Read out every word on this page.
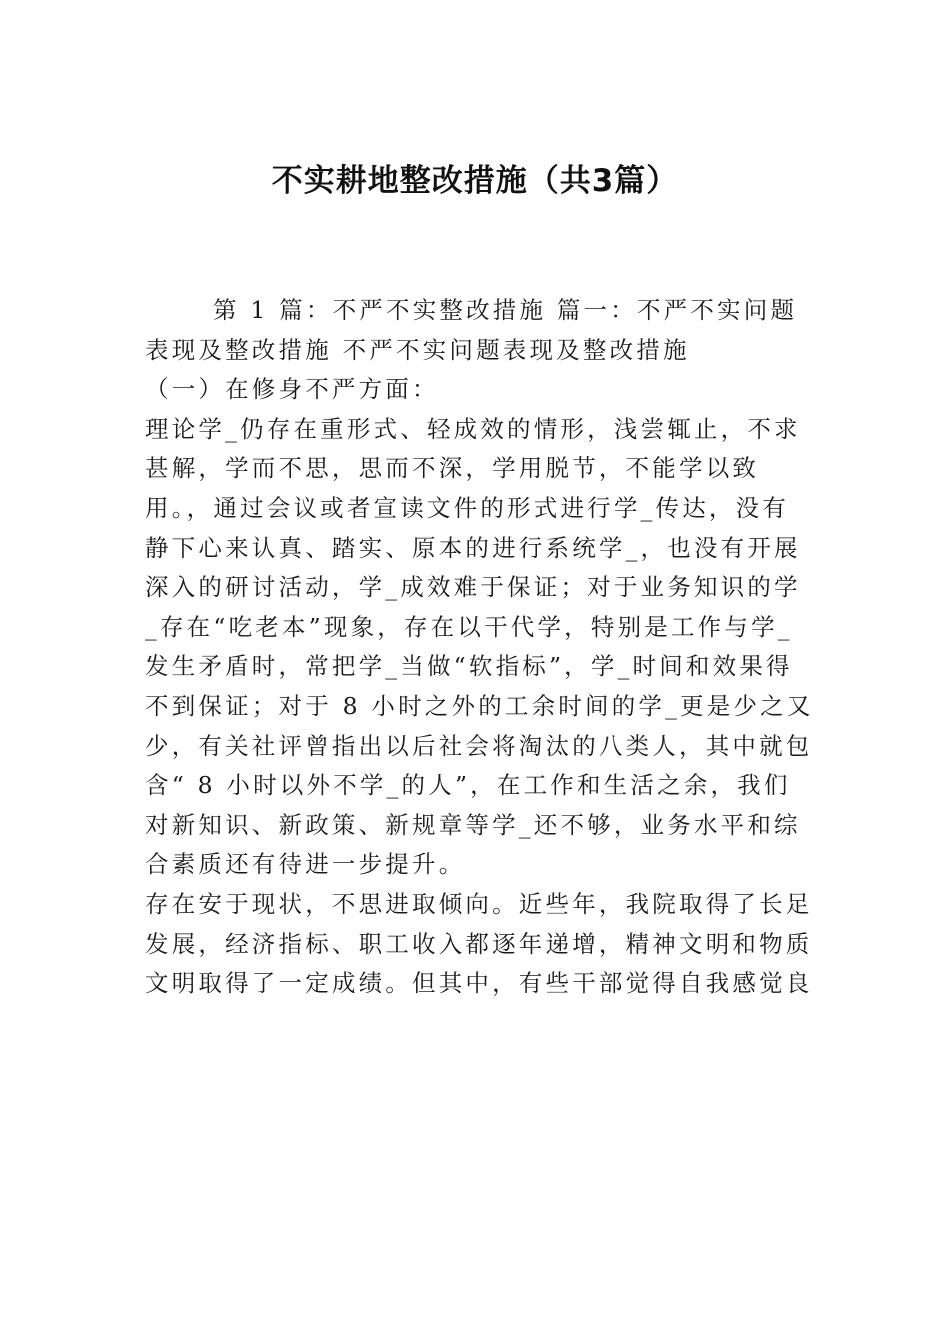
不实耕地整改措施（共3篇）

第 1 篇：不严不实整改措施 篇一：不严不实问题表现及整改措施 不严不实问题表现及整改措施

（一）在修身不严方面：

理论学_仍存在重形式、轻成效的情形，浅尝辄止，不求甚解，学而不思，思而不深，学用脱节，不能学以致用。，通过会议或者宣读文件的形式进行学_传达，没有静下心来认真、踏实、原本的进行系统学_，也没有开展深入的研讨活动，学_成效难于保证；对于业务知识的学_存在“吃老本”现象，存在以干代学，特别是工作与学_发生矛盾时，常把学_当做“软指标”，学_时间和效果得不到保证；对于 8 小时之外的工余时间的学_更是少之又少，有关社评曾指出以后社会将淘汰的八类人，其中就包含“ 8 小时以外不学_的人”，在工作和生活之余，我们对新知识、新政策、新规章等学_还不够，业务水平和综合素质还有待进一步提升。

存在安于现状，不思进取倾向。近些年，我院取得了长足发展，经济指标、职工收入都逐年递增，精神文明和物质文明取得了一定成绩。但其中，有些干部觉得自我感觉良
